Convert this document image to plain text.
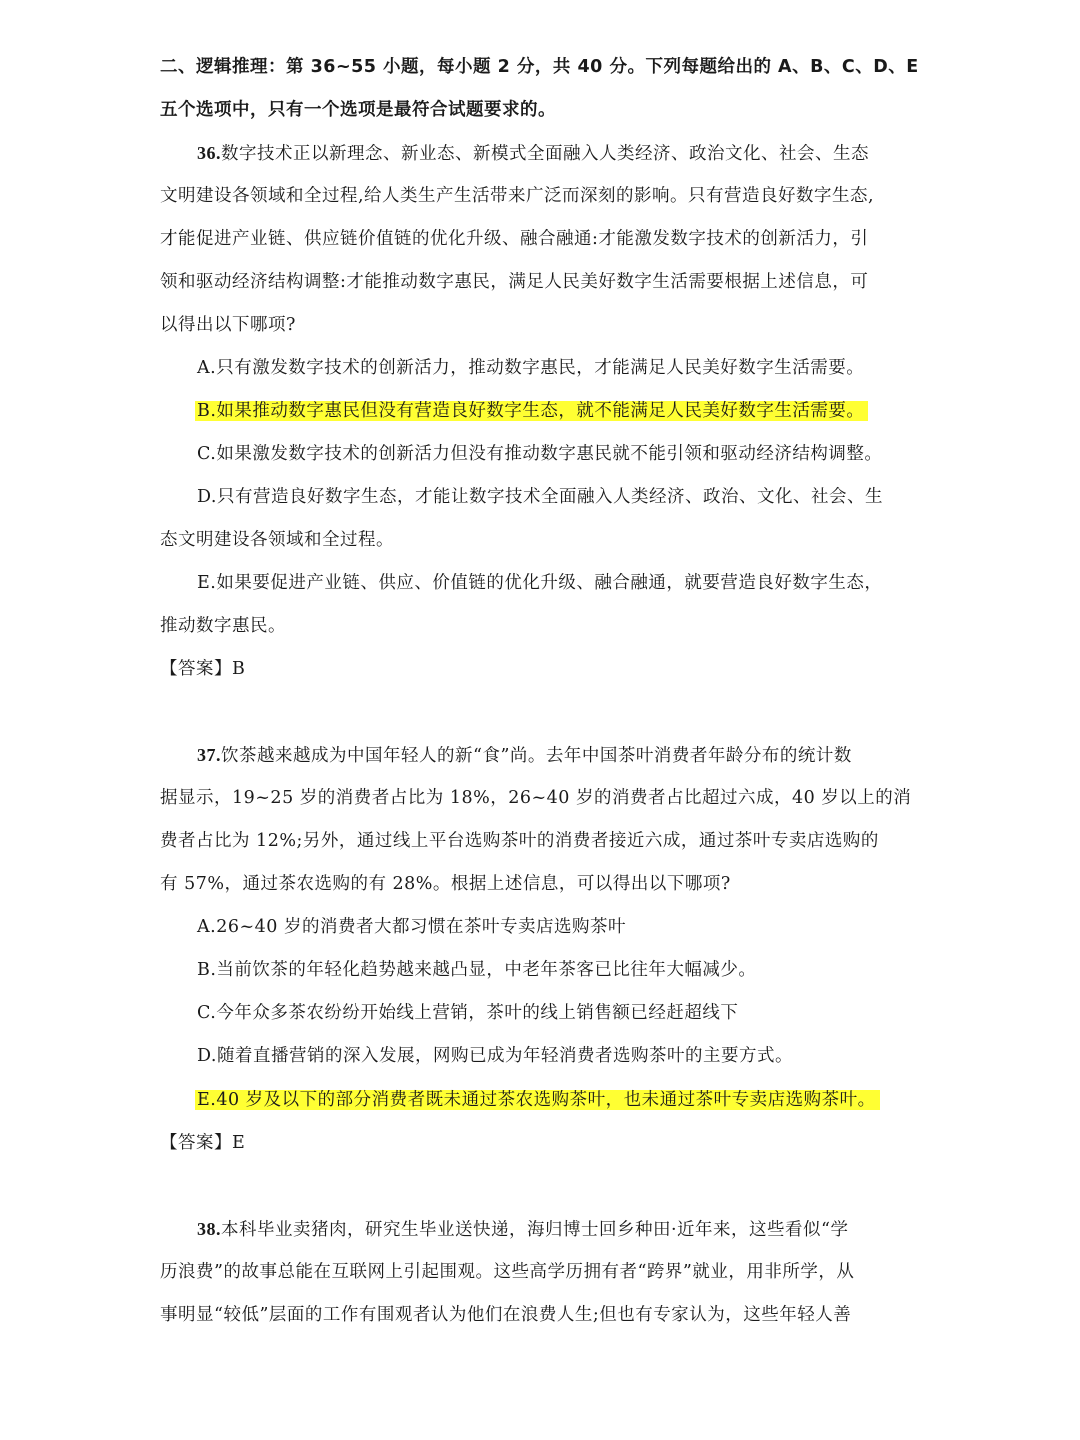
二、逻辑推理：第 36~55 小题，每小题 2 分，共 40 分。下列每题给出的 A、B、C、D、E
五个选项中，只有一个选项是最符合试题要求的。
36.数字技术正以新理念、新业态、新模式全面融入人类经济、政治文化、社会、生态
文明建设各领域和全过程,给人类生产生活带来广泛而深刻的影响。只有营造良好数字生态,
才能促进产业链、供应链价值链的优化升级、融合融通:才能激发数字技术的创新活力，引
领和驱动经济结构调整:才能推动数字惠民，满足人民美好数字生活需要根据上述信息，可
以得出以下哪项?
A.只有激发数字技术的创新活力，推动数字惠民，才能满足人民美好数字生活需要。
B.如果推动数字惠民但没有营造良好数字生态，就不能满足人民美好数字生活需要。
C.如果激发数字技术的创新活力但没有推动数字惠民就不能引领和驱动经济结构调整。
D.只有营造良好数字生态，才能让数字技术全面融入人类经济、政治、文化、社会、生
态文明建设各领域和全过程。
E.如果要促进产业链、供应、价值链的优化升级、融合融通，就要营造良好数字生态，
推动数字惠民。
【答案】B
37.饮茶越来越成为中国年轻人的新“食”尚。去年中国茶叶消费者年龄分布的统计数
据显示，19~25 岁的消费者占比为 18%，26~40 岁的消费者占比超过六成，40 岁以上的消
费者占比为 12%;另外，通过线上平台选购茶叶的消费者接近六成，通过茶叶专卖店选购的
有 57%，通过茶农选购的有 28%。根据上述信息，可以得出以下哪项?
A.26~40 岁的消费者大都习惯在茶叶专卖店选购茶叶
B.当前饮茶的年轻化趋势越来越凸显，中老年茶客已比往年大幅减少。
C.今年众多茶农纷纷开始线上营销，茶叶的线上销售额已经赶超线下
D.随着直播营销的深入发展，网购已成为年轻消费者选购茶叶的主要方式。
E.40 岁及以下的部分消费者既未通过茶农选购茶叶，也未通过茶叶专卖店选购茶叶。
【答案】E
38.本科毕业卖猪肉，研究生毕业送快递，海归博士回乡种田·近年来，这些看似“学
历浪费”的故事总能在互联网上引起围观。这些高学历拥有者“跨界”就业，用非所学，从
事明显“较低”层面的工作有围观者认为他们在浪费人生;但也有专家认为，这些年轻人善
